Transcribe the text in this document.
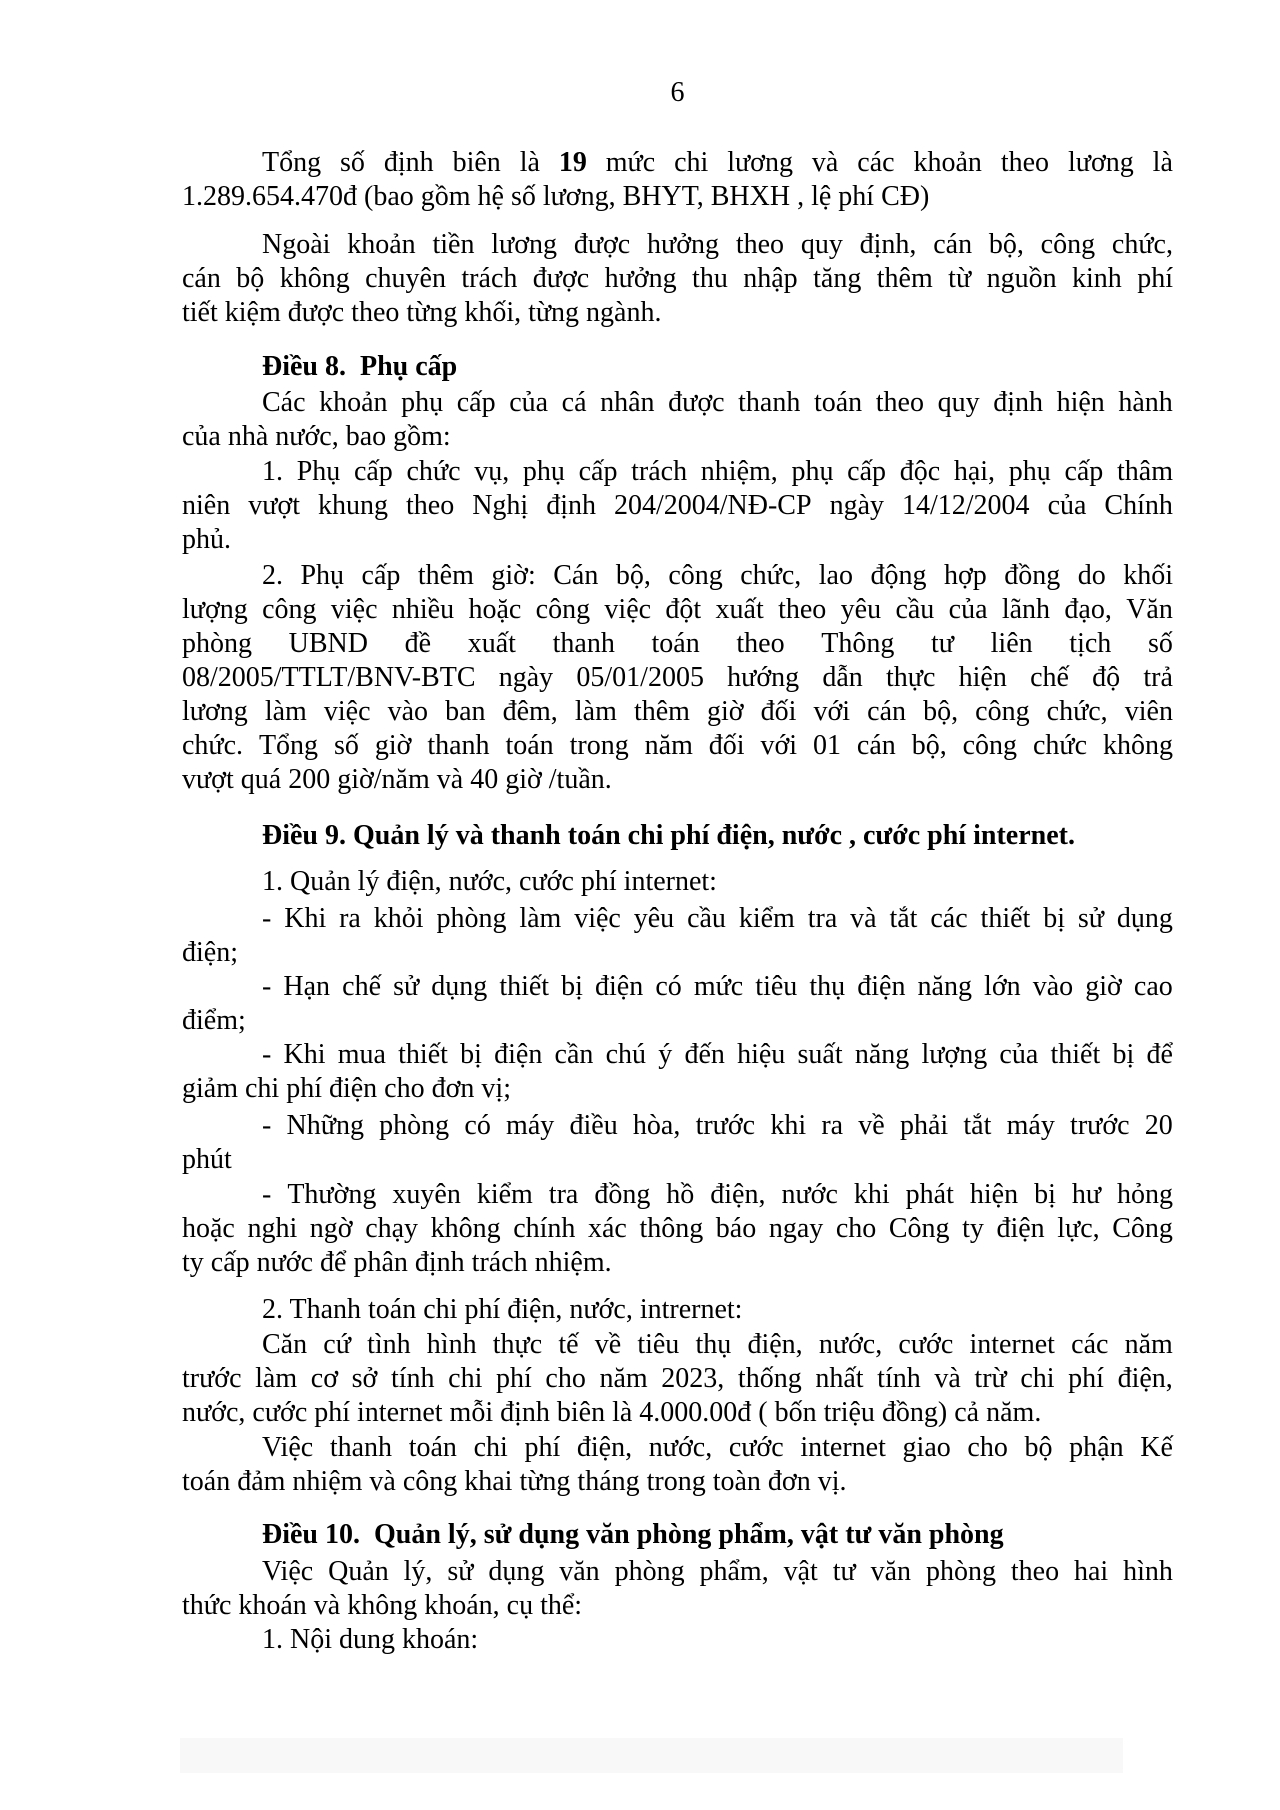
6
Tổng số định biên là 19 mức chi lương và các khoản theo lương là
1.289.654.470đ (bao gồm hệ số lương, BHYT, BHXH , lệ phí CĐ)
Ngoài khoản tiền lương được hưởng theo quy định, cán bộ, công chức,
cán bộ không chuyên trách được hưởng thu nhập tăng thêm từ nguồn kinh phí
tiết kiệm được theo từng khối, từng ngành.
Điều 8.  Phụ cấp
Các khoản phụ cấp của cá nhân được thanh toán theo quy định hiện hành
của nhà nước, bao gồm:
1. Phụ cấp chức vụ, phụ cấp trách nhiệm, phụ cấp độc hại, phụ cấp thâm
niên vượt khung theo Nghị định 204/2004/NĐ-CP ngày 14/12/2004 của Chính
phủ.
2. Phụ cấp thêm giờ: Cán bộ, công chức, lao động hợp đồng do khối
lượng công việc nhiều hoặc công việc đột xuất theo yêu cầu của lãnh đạo, Văn
phòng UBND đề xuất thanh toán theo Thông tư liên tịch số
08/2005/TTLT/BNV-BTC ngày 05/01/2005 hướng dẫn thực hiện chế độ trả
lương làm việc vào ban đêm, làm thêm giờ đối với cán bộ, công chức, viên
chức. Tổng số giờ thanh toán trong năm đối với 01 cán bộ, công chức không
vượt quá 200 giờ/năm và 40 giờ /tuần.
Điều 9. Quản lý và thanh toán chi phí điện, nước , cước phí internet.
1. Quản lý điện, nước, cước phí internet:
- Khi ra khỏi phòng làm việc yêu cầu kiểm tra và tắt các thiết bị sử dụng
điện;
- Hạn chế sử dụng thiết bị điện có mức tiêu thụ điện năng lớn vào giờ cao
điểm;
- Khi mua thiết bị điện cần chú ý đến hiệu suất năng lượng của thiết bị để
giảm chi phí điện cho đơn vị;
- Những phòng có máy điều hòa, trước khi ra về phải tắt máy trước 20
phút
- Thường xuyên kiểm tra đồng hồ điện, nước khi phát hiện bị hư hỏng
hoặc nghi ngờ chạy không chính xác thông báo ngay cho Công ty điện lực, Công
ty cấp nước để phân định trách nhiệm.
2. Thanh toán chi phí điện, nước, intrernet:
Căn cứ tình hình thực tế về tiêu thụ điện, nước, cước internet các năm
trước làm cơ sở tính chi phí cho năm 2023, thống nhất tính và trừ chi phí điện,
nước, cước phí internet mỗi định biên là 4.000.00đ ( bốn triệu đồng) cả năm.
Việc thanh toán chi phí điện, nước, cước internet giao cho bộ phận Kế
toán đảm nhiệm và công khai từng tháng trong toàn đơn vị.
Điều 10.  Quản lý, sử dụng văn phòng phẩm, vật tư văn phòng
Việc Quản lý, sử dụng văn phòng phẩm, vật tư văn phòng theo hai hình
thức khoán và không khoán, cụ thể:
1. Nội dung khoán:
